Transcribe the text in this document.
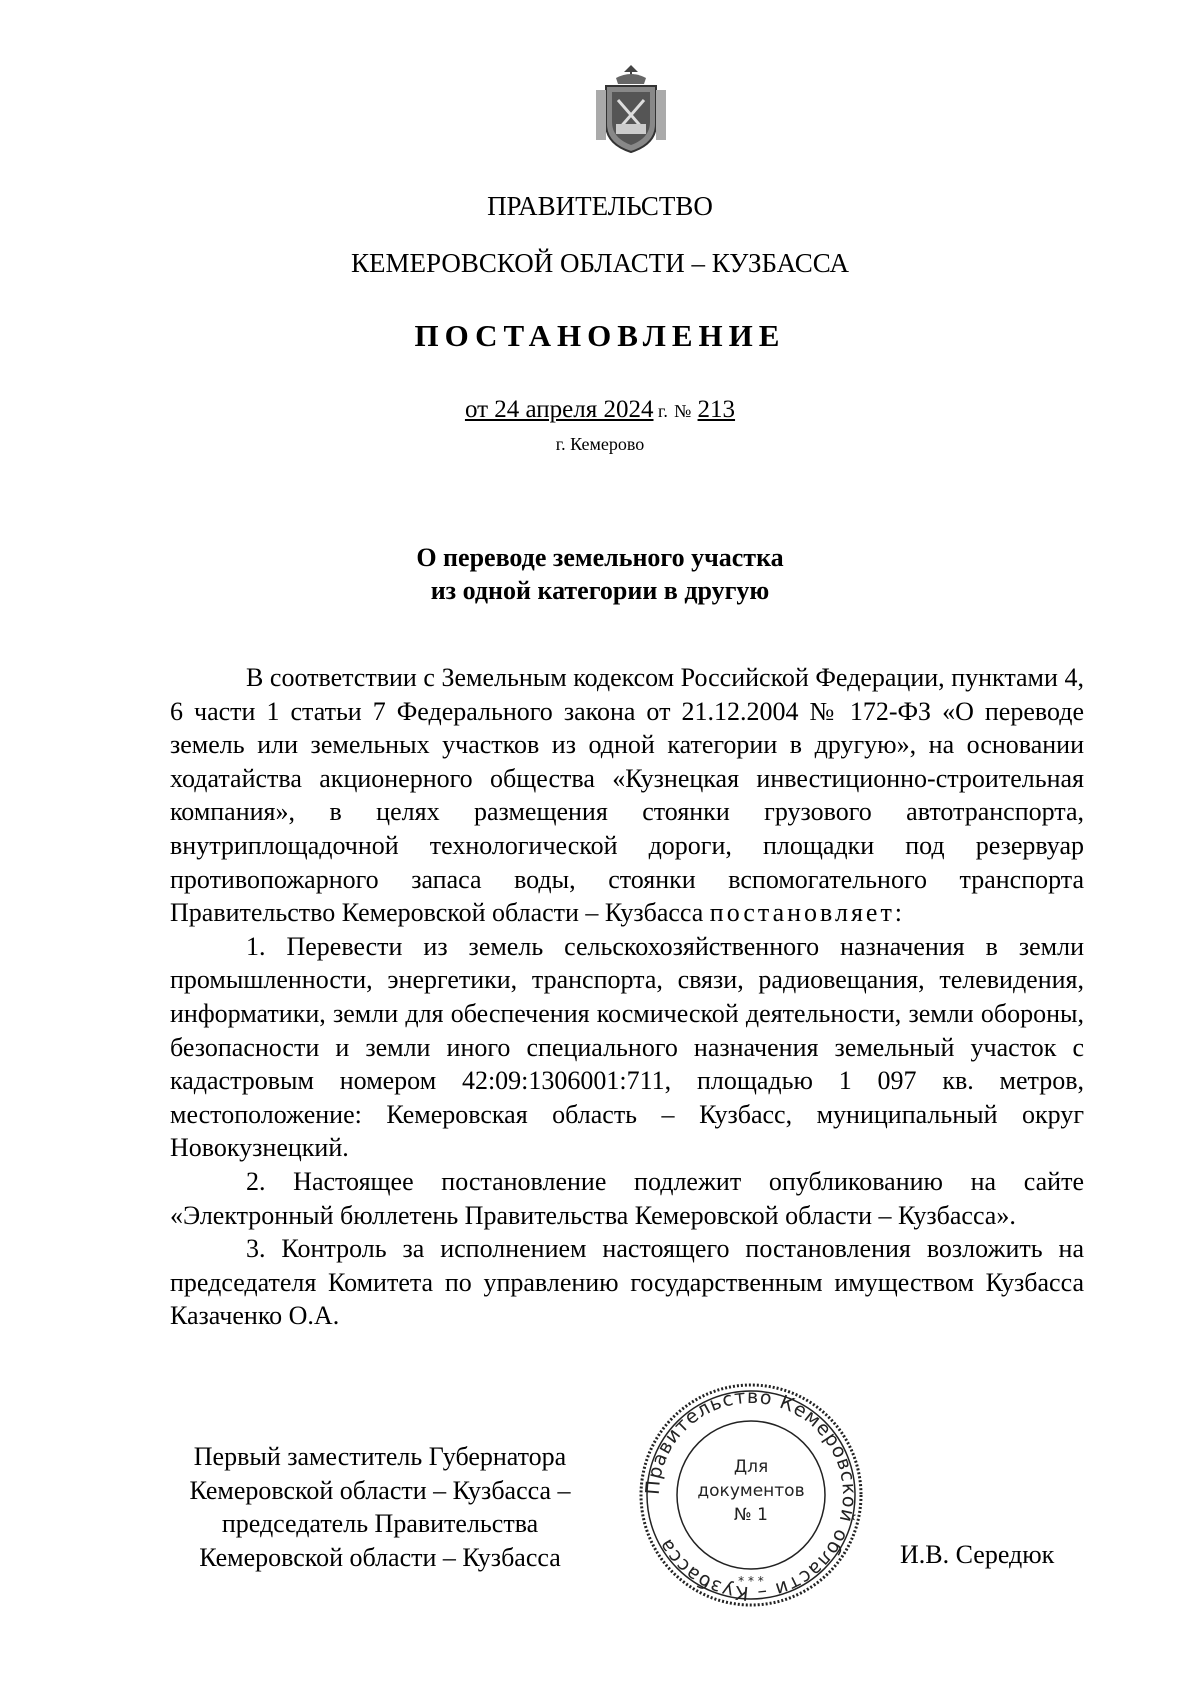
ПРАВИТЕЛЬСТВО
КЕМЕРОВСКОЙ ОБЛАСТИ – КУЗБАССА
ПОСТАНОВЛЕНИЕ
от 24 апреля 2024 г. № 213
г. Кемерово
О переводе земельного участка
из одной категории в другую

В соответствии с Земельным кодексом Российской Федерации, пунктами 4, 6 части 1 статьи 7 Федерального закона от 21.12.2004 № 172-ФЗ «О переводе земель или земельных участков из одной категории в другую», на основании ходатайства акционерного общества «Кузнецкая инвестиционно-строительная компания», в целях размещения стоянки грузового автотранспорта, внутриплощадочной технологической дороги, площадки под резервуар противопожарного запаса воды, стоянки вспомогательного транспорта Правительство Кемеровской области – Кузбасса постановляет:

1. Перевести из земель сельскохозяйственного назначения в земли промышленности, энергетики, транспорта, связи, радиовещания, телевидения, информатики, земли для обеспечения космической деятельности, земли обороны, безопасности и земли иного специального назначения земельный участок с кадастровым номером 42:09:1306001:711, площадью 1 097 кв. метров, местоположение: Кемеровская область – Кузбасс, муниципальный округ Новокузнецкий.

2. Настоящее постановление подлежит опубликованию на сайте «Электронный бюллетень Правительства Кемеровской области – Кузбасса».

3. Контроль за исполнением настоящего постановления возложить на председателя Комитета по управлению государственным имуществом Кузбасса Казаченко О.А.

Первый заместитель Губернатора
Кемеровской области – Кузбасса –
председатель Правительства
Кемеровской области – Кузбасса
Правительство Кемеровской области – Кузбасса
Для
документов
№ 1
* * *
И.В. Середюк
